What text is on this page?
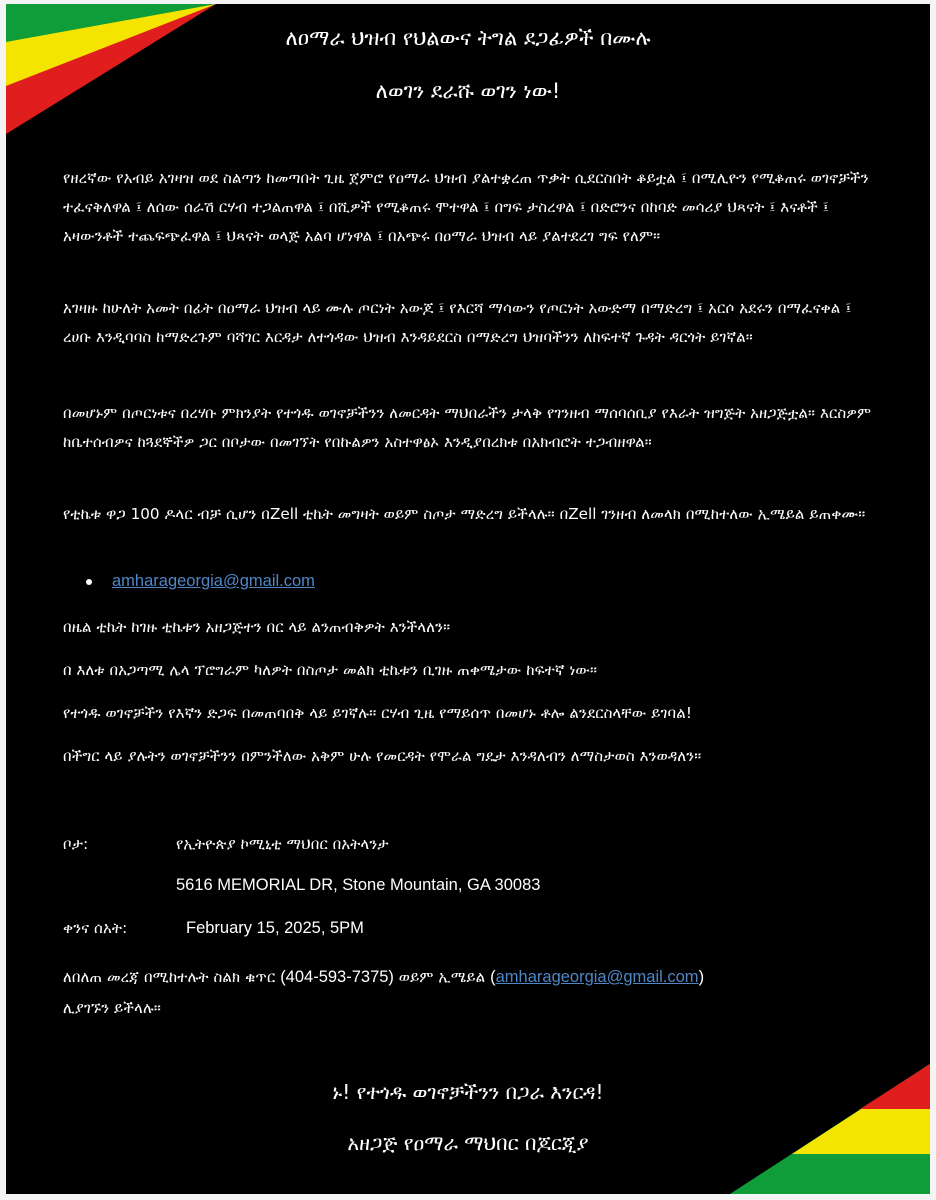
ለዐማራ ህዝብ የህልውና ትግል ደጋፊዎች በሙሉ
ለወገን ደራሹ ወገን ነው!
የዘረኛው የአብይ አገዛዝ ወደ ስልጣን ከመጣበት ጊዜ ጀምሮ የዐማራ ህዝብ ያልተቋረጠ ጥቃት ሲደርስበት ቆይቷል ፤ በሚሊዮን የሚቆጠሩ ወገኖቻችን ተፈናቅለዋል ፤ ለሰው ሰራሽ ርሃብ ተጋልጠዋል ፤ በሺዎች የሚቆጠሩ ሞተዋል ፤ በግፍ ታስረዋል ፤ በድሮንና በከባድ መሳሪያ ህጻናት ፤ እናቶች ፤ አዛውንቶች ተጨፍጭፈዋል ፤ ህጻናት ወላጅ አልባ ሆነዋል ፤ በአጭሩ በዐማራ ህዝብ ላይ ያልተደረገ ግፍ የለም።
አገዛዙ ከሁለት አመት በፊት በዐማራ ህዝብ ላይ ሙሉ ጦርነት አውጆ ፤ የእርሻ ማሳውን የጦርነት አውድማ በማድረግ ፤ አርሶ አደሩን በማፈናቀል ፤ ረሀቡ እንዲባባስ ከማድረጉም ባሻገር እርዳታ ለተጎዳው ህዝብ እንዳይደርስ በማድረግ ህዝባችንን ለከፍተኛ ጉዳት ዳርጎት ይገኛል።
በመሆኑም በጦርነቱና በረሃቡ ምክንያት የተጎዱ ወገኖቻችንን ለመርዳት ማህበራችን ታላቅ የገንዘብ ማሰባሰቢያ የእራት ዝግጅት አዘጋጅቷል። እርስዎም ከቤተሰብዎና ከጓደኞችዎ ጋር በቦታው በመገኘት የበኩልዎን አስተዋፅኦ እንዲያበረክቱ በአክብሮት ተጋብዘዋል።
የቲኬቱ ዋጋ 100 ዶላር ብቻ ሲሆን በZell ቲኬት መግዛት ወይም ስጦታ ማድረግ ይችላሉ። በZell ገንዘብ ለመላክ በሚከተለው ኢሜይል ይጠቀሙ።
amharageorgia@gmail.com
በዜል ቲኬት ከገዙ ቲኬቱን አዘጋጅተን በር ላይ ልንጠብቅዎት እንችላለን።
በ እለቱ በአጋጣሚ ሌላ ፕሮግራም ካለዎት በስጦታ መልክ ቲኬቱን ቢገዙ ጠቀሜታው ከፍተኛ ነው።
የተጎዱ ወገኖቻችን የእኛን ድጋፍ በመጠባበቅ ላይ ይገኛሉ፡፡ ርሃብ ጊዜ የማይሰጥ በመሆኑ ቶሎ ልንደርስላቸው ይገባል!
በችግር ላይ ያሉትን ወገኖቻችንን በምንችለው አቅም ሁሉ የመርዳት የሞራል ግዴታ እንዳለብን ለማስታወስ እንወዳለን።
ቦታ:	የኢትዮጵያ ኮሚኒቲ ማህበር በአትላንታ
5616 MEMORIAL DR, Stone Mountain, GA 30083
ቀንና ሰአት:	February 15, 2025, 5PM
ለበለጠ መረጃ በሚከተሉት ስልክ ቁጥር (404-593-7375) ወይም ኢሜይል (amharageorgia@gmail.com)
ሊያገኙን ይችላሉ።
ኑ! የተጎዱ ወገኖቻችንን በጋራ እንርዳ!
አዘጋጅ የዐማራ ማህበር በጆርጂያ
